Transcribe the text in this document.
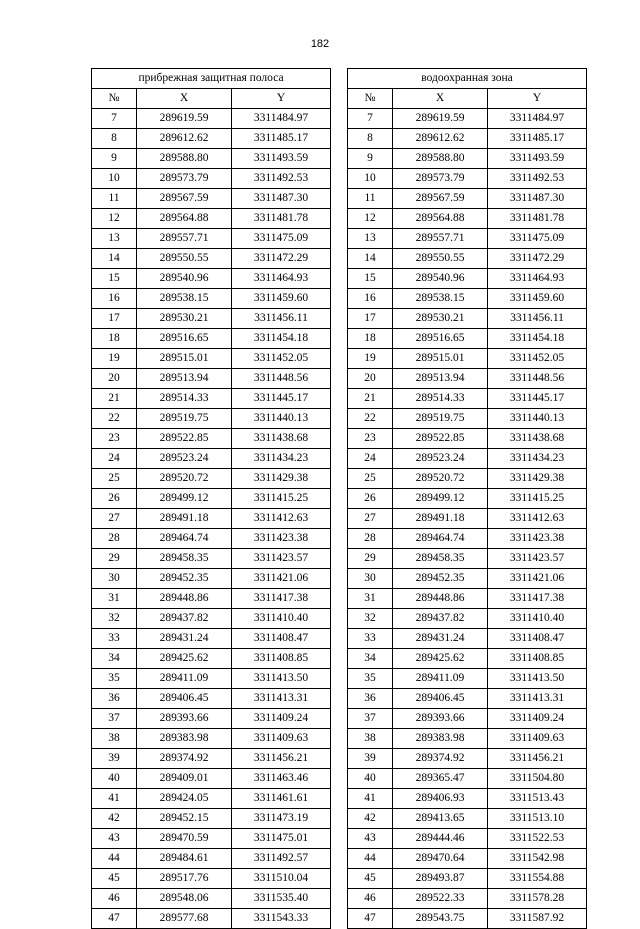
182
прибрежная защитная полоса				водоохранная зона		
№	X	Y		№	X	Y
7	289619.59	3311484.97		7	289619.59	3311484.97
8	289612.62	3311485.17		8	289612.62	3311485.17
9	289588.80	3311493.59		9	289588.80	3311493.59
10	289573.79	3311492.53		10	289573.79	3311492.53
11	289567.59	3311487.30		11	289567.59	3311487.30
12	289564.88	3311481.78		12	289564.88	3311481.78
13	289557.71	3311475.09		13	289557.71	3311475.09
14	289550.55	3311472.29		14	289550.55	3311472.29
15	289540.96	3311464.93		15	289540.96	3311464.93
16	289538.15	3311459.60		16	289538.15	3311459.60
17	289530.21	3311456.11		17	289530.21	3311456.11
18	289516.65	3311454.18		18	289516.65	3311454.18
19	289515.01	3311452.05		19	289515.01	3311452.05
20	289513.94	3311448.56		20	289513.94	3311448.56
21	289514.33	3311445.17		21	289514.33	3311445.17
22	289519.75	3311440.13		22	289519.75	3311440.13
23	289522.85	3311438.68		23	289522.85	3311438.68
24	289523.24	3311434.23		24	289523.24	3311434.23
25	289520.72	3311429.38		25	289520.72	3311429.38
26	289499.12	3311415.25		26	289499.12	3311415.25
27	289491.18	3311412.63		27	289491.18	3311412.63
28	289464.74	3311423.38		28	289464.74	3311423.38
29	289458.35	3311423.57		29	289458.35	3311423.57
30	289452.35	3311421.06		30	289452.35	3311421.06
31	289448.86	3311417.38		31	289448.86	3311417.38
32	289437.82	3311410.40		32	289437.82	3311410.40
33	289431.24	3311408.47		33	289431.24	3311408.47
34	289425.62	3311408.85		34	289425.62	3311408.85
35	289411.09	3311413.50		35	289411.09	3311413.50
36	289406.45	3311413.31		36	289406.45	3311413.31
37	289393.66	3311409.24		37	289393.66	3311409.24
38	289383.98	3311409.63		38	289383.98	3311409.63
39	289374.92	3311456.21		39	289374.92	3311456.21
40	289409.01	3311463.46		40	289365.47	3311504.80
41	289424.05	3311461.61		41	289406.93	3311513.43
42	289452.15	3311473.19		42	289413.65	3311513.10
43	289470.59	3311475.01		43	289444.46	3311522.53
44	289484.61	3311492.57		44	289470.64	3311542.98
45	289517.76	3311510.04		45	289493.87	3311554.88
46	289548.06	3311535.40		46	289522.33	3311578.28
47	289577.68	3311543.33		47	289543.75	3311587.92
